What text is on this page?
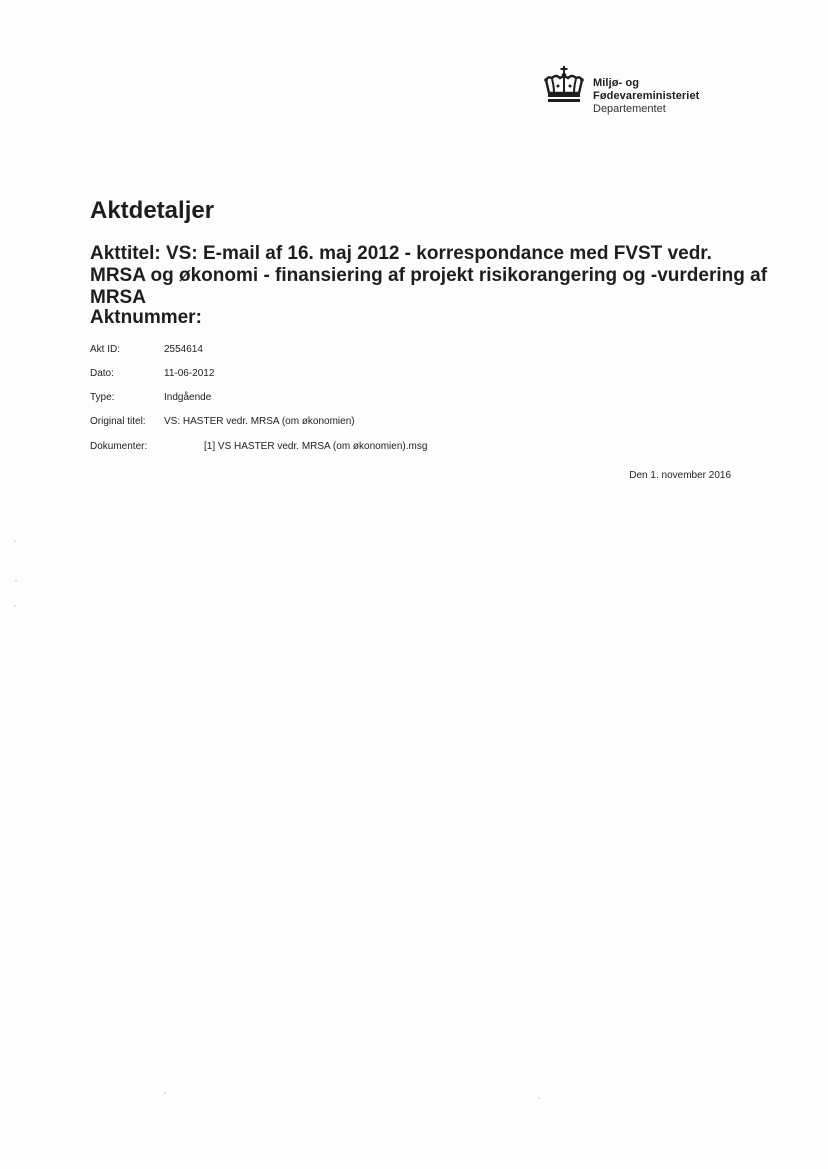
Miljø- og
Fødevareministeriet
Departementet
Aktdetaljer
Akttitel: VS: E-mail af 16. maj 2012 - korrespondance med FVST vedr. MRSA og økonomi - finansiering af projekt risikorangering og -vurdering af MRSA
Aktnummer:
Akt ID:	2554614
Dato:	11-06-2012
Type:	Indgående
Original titel: VS: HASTER vedr. MRSA (om økonomien)
Dokumenter:	[1] VS HASTER vedr. MRSA (om økonomien).msg
Den 1. november 2016
